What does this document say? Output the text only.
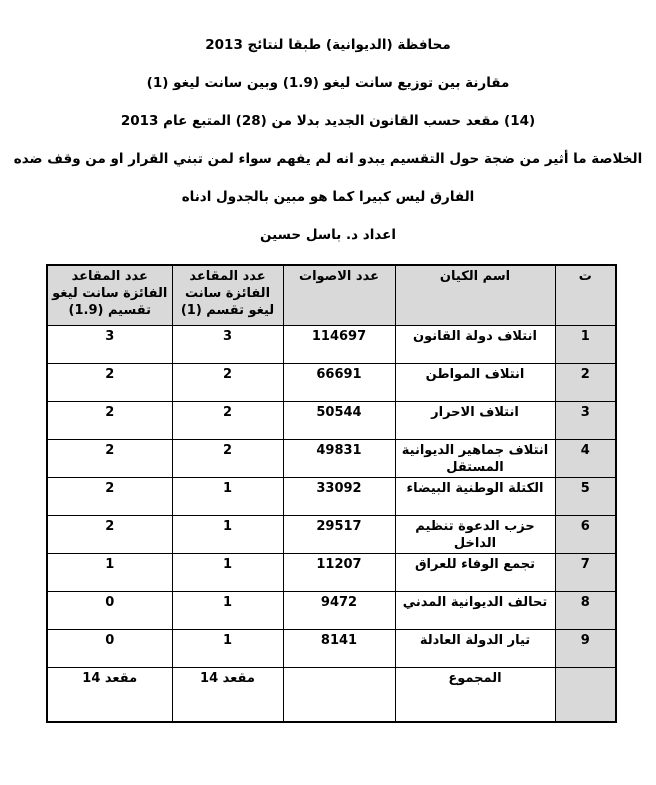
محافظة (الديوانية) طبقا لنتائج 2013

مقارنة بين توزيع سانت ليغو (1.9) وبين سانت ليغو (1)

(14) مقعد حسب القانون الجديد بدلا من (28) المتبع عام 2013

الخلاصة ما أثير من ضجة حول التقسيم يبدو انه لم يفهم سواء لمن تبني القرار او من وقف ضده

الفارق ليس كبيرا كما هو مبين بالجدول ادناه

اعداد د. باسل حسين

ت	اسم الكيان	عدد الاصوات	عدد المقاعد الفائزة سانت ليغو تقسم (1)	عدد المقاعد الفائزة سانت ليغو تقسيم (1.9)
1	انتلاف دولة القانون	114697	3	3
2	انتلاف المواطن	66691	2	2
3	انتلاف الاحرار	50544	2	2
4	انتلاف جماهير الديوانية المستقل	49831	2	2
5	الكتلة الوطنية البيضاء	33092	1	2
6	حزب الدعوة تنظيم الداخل	29517	1	2
7	تجمع الوفاء للعراق	11207	1	1
8	تحالف الديوانية المدني	9472	1	0
9	تيار الدولة العادلة	8141	1	0
	المجموع		14 مقعد	14 مقعد
